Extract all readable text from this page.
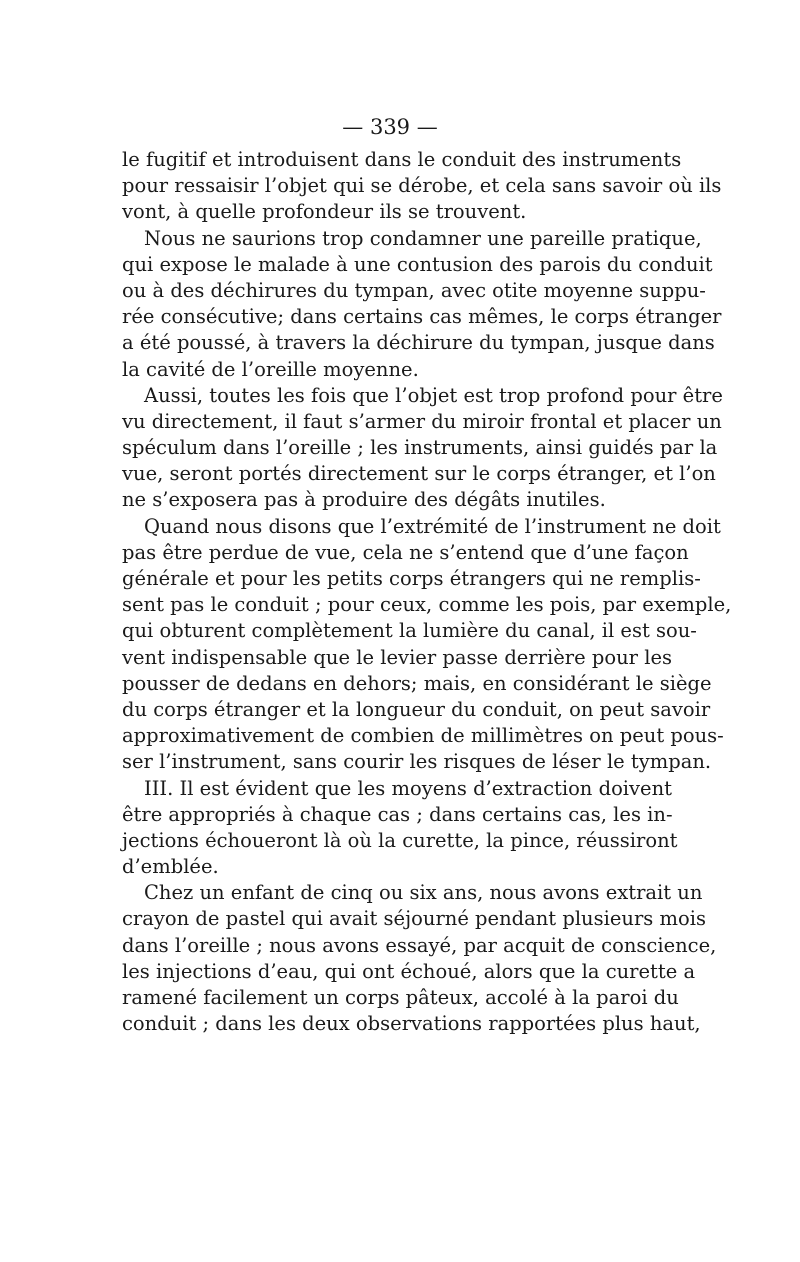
— 339 —
le fugitif et introduisent dans le conduit des instruments
pour ressaisir l’objet qui se dérobe, et cela sans savoir où ils
vont, à quelle profondeur ils se trouvent.
Nous ne saurions trop condamner une pareille pratique,
qui expose le malade à une contusion des parois du conduit
ou à des déchirures du tympan, avec otite moyenne suppu-
rée consécutive; dans certains cas mêmes, le corps étranger
a été poussé, à travers la déchirure du tympan, jusque dans
la cavité de l’oreille moyenne.
Aussi, toutes les fois que l’objet est trop profond pour être
vu directement, il faut s’armer du miroir frontal et placer un
spéculum dans l’oreille ; les instruments, ainsi guidés par la
vue, seront portés directement sur le corps étranger, et l’on
ne s’exposera pas à produire des dégâts inutiles.
Quand nous disons que l’extrémité de l’instrument ne doit
pas être perdue de vue, cela ne s’entend que d’une façon
générale et pour les petits corps étrangers qui ne remplis-
sent pas le conduit ; pour ceux, comme les pois, par exemple,
qui obturent complètement la lumière du canal, il est sou-
vent indispensable que le levier passe derrière pour les
pousser de dedans en dehors; mais, en considérant le siège
du corps étranger et la longueur du conduit, on peut savoir
approximativement de combien de millimètres on peut pous-
ser l’instrument, sans courir les risques de léser le tympan.
III. Il est évident que les moyens d’extraction doivent
être appropriés à chaque cas ; dans certains cas, les in-
jections échoueront là où la curette, la pince, réussiront
d’emblée.
Chez un enfant de cinq ou six ans, nous avons extrait un
crayon de pastel qui avait séjourné pendant plusieurs mois
dans l’oreille ; nous avons essayé, par acquit de conscience,
les injections d’eau, qui ont échoué, alors que la curette a
ramené facilement un corps pâteux, accolé à la paroi du
conduit ; dans les deux observations rapportées plus haut,
